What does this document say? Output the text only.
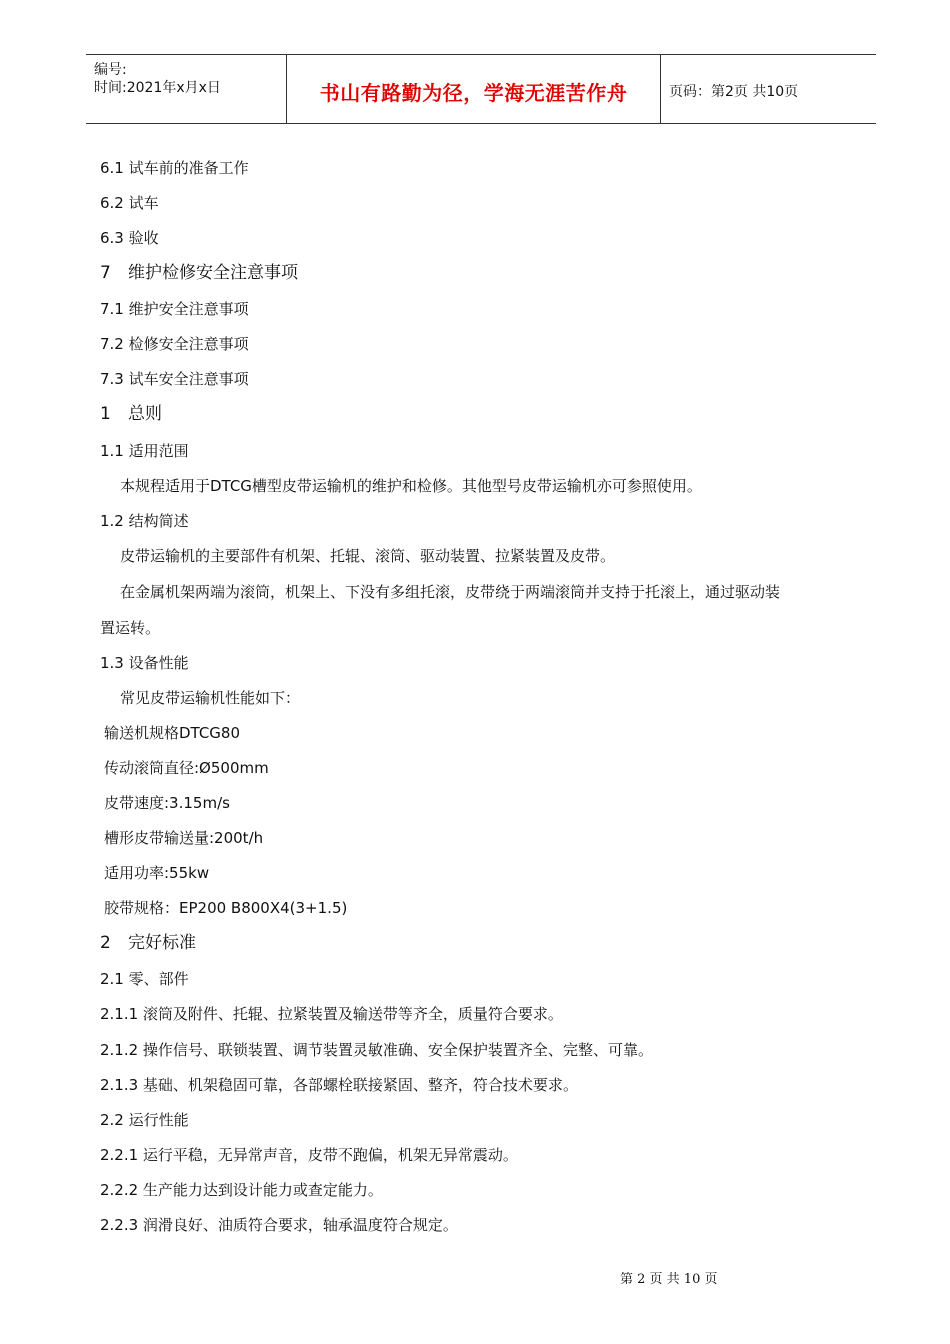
编号:
时间:2021年x月x日	书山有路勤为径，学海无涯苦作舟	页码：第2页 共10页
6.1 试车前的准备工作
6.2 试车
6.3 验收
7 维护检修安全注意事项
7.1 维护安全注意事项
7.2 检修安全注意事项
7.3 试车安全注意事项
1 总则
1.1 适用范围
本规程适用于DTCG槽型皮带运输机的维护和检修。其他型号皮带运输机亦可参照使用。
1.2 结构简述
皮带运输机的主要部件有机架、托辊、滚筒、驱动装置、拉紧装置及皮带。
在金属机架两端为滚筒，机架上、下没有多组托滚，皮带绕于两端滚筒并支持于托滚上，通过驱动装
置运转。
1.3 设备性能
常见皮带运输机性能如下：
输送机规格DTCG80
传动滚筒直径:Ø500mm
皮带速度:3.15m/s
槽形皮带输送量:200t/h
适用功率:55kw
胶带规格：EP200 B800X4(3+1.5)
2 完好标准
2.1 零、部件
2.1.1 滚筒及附件、托辊、拉紧装置及输送带等齐全，质量符合要求。
2.1.2 操作信号、联锁装置、调节装置灵敏准确、安全保护装置齐全、完整、可靠。
2.1.3 基础、机架稳固可靠，各部螺栓联接紧固、整齐，符合技术要求。
2.2 运行性能
2.2.1 运行平稳，无异常声音，皮带不跑偏，机架无异常震动。
2.2.2 生产能力达到设计能力或查定能力。
2.2.3 润滑良好、油质符合要求，轴承温度符合规定。
第 2 页 共 10 页
